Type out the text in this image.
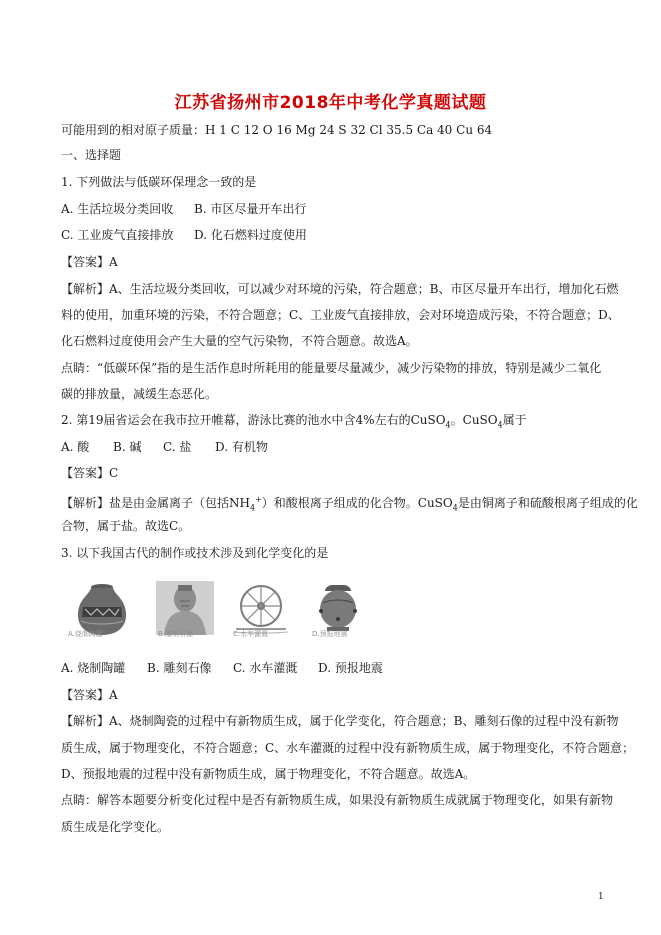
江苏省扬州市2018年中考化学真题试题
可能用到的相对原子质量：H 1 C 12 O 16 Mg 24 S 32 Cl 35.5 Ca 40 Cu 64
一、选择题
1. 下列做法与低碳环保理念一致的是
A. 生活垃圾分类回收 B. 市区尽量开车出行
C. 工业废气直接排放 D. 化石燃料过度使用
【答案】A
【解析】A、生活垃圾分类回收，可以减少对环境的污染，符合题意；B、市区尽量开车出行，增加化石燃
料的使用，加重环境的污染，不符合题意；C、工业废气直接排放，会对环境造成污染，不符合题意；D、
化石燃料过度使用会产生大量的空气污染物，不符合题意。故选A。
点睛：“低碳环保”指的是生活作息时所耗用的能量要尽量减少，减少污染物的排放，特别是减少二氧化
碳的排放量，减缓生态恶化。
2. 第19届省运会在我市拉开帷幕，游泳比赛的池水中含4%左右的CuSO$_4$。CuSO$_4$属于
A. 酸 B. 碱 C. 盐 D. 有机物
【答案】C
【解析】盐是由金属离子（包括$NH_4^+$）和酸根离子组成的化合物。CuSO$_4$是由铜离子和硫酸根离子组成的化
合物，属于盐。故选C。
3. 以下我国古代的制作或技术涉及到化学变化的是
A.烧制陶罐	B.雕刻石像	C.水车灌溉	D.预报地震
A. 烧制陶罐 B. 雕刻石像 C. 水车灌溉 D. 预报地震
【答案】A
【解析】A、烧制陶瓷的过程中有新物质生成，属于化学变化，符合题意；B、雕刻石像的过程中没有新物
质生成，属于物理变化，不符合题意；C、水车灌溉的过程中没有新物质生成，属于物理变化，不符合题意；
D、预报地震的过程中没有新物质生成，属于物理变化，不符合题意。故选A。
点睛：解答本题要分析变化过程中是否有新物质生成，如果没有新物质生成就属于物理变化，如果有新物
质生成是化学变化。
1
